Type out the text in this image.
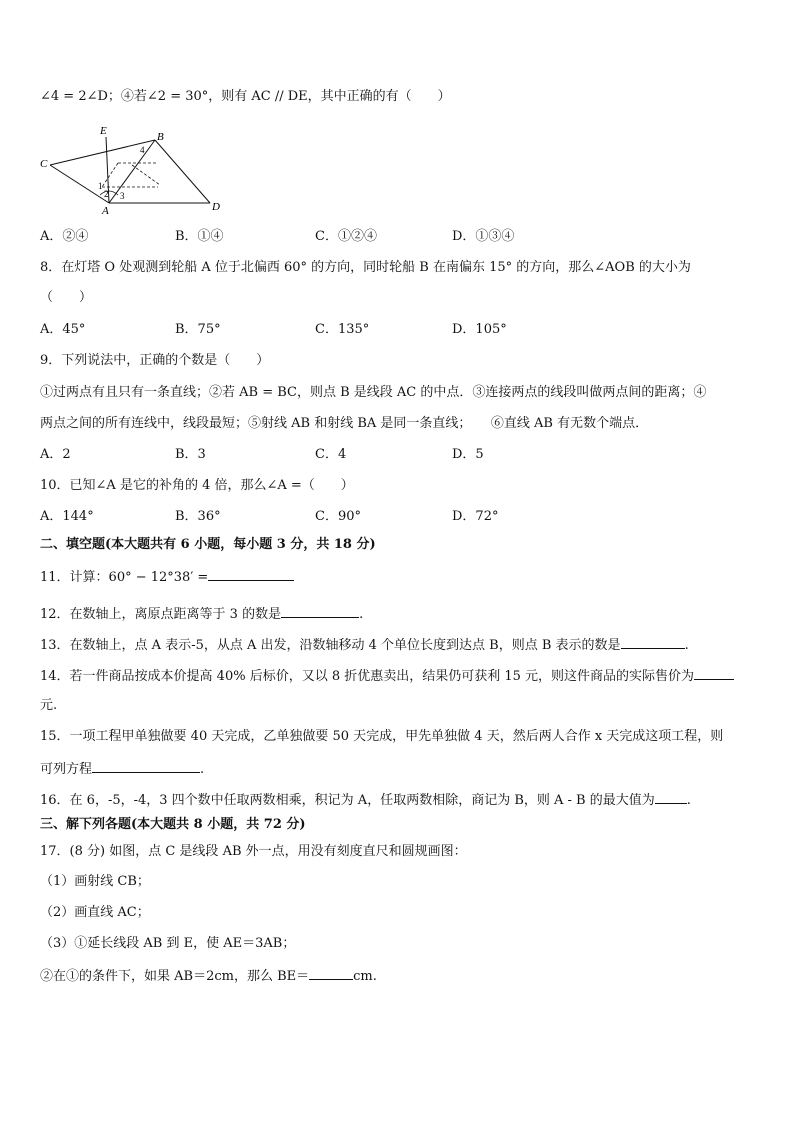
∠4 = 2∠D；④若∠2 = 30°，则有 AC // DE，其中正确的有（　　）
E	B
C
1
4
2 3
A	D
A．②④	B．①④	C．①②④	D．①③④
8．在灯塔 O 处观测到轮船 A 位于北偏西 60° 的方向，同时轮船 B 在南偏东 15° 的方向，那么∠AOB 的大小为
（　　）
A．45°	B．75°	C．135°	D．105°
9．下列说法中，正确的个数是（　　）
①过两点有且只有一条直线；②若 AB = BC，则点 B 是线段 AC 的中点．③连接两点的线段叫做两点间的距离；④
两点之间的所有连线中，线段最短；⑤射线 AB 和射线 BA 是同一条直线；　　⑥直线 AB 有无数个端点．
A．2	B．3	C．4	D．5
10．已知∠A 是它的补角的 4 倍，那么∠A =（　　）
A．144°	B．36°	C．90°	D．72°
二、填空题(本大题共有 6 小题，每小题 3 分，共 18 分)
11．计算：60° − 12°38′ =
12．在数轴上，离原点距离等于 3 的数是	.
13．在数轴上，点 A 表示-5，从点 A 出发，沿数轴移动 4 个单位长度到达点 B，则点 B 表示的数是	.
14．若一件商品按成本价提高 40% 后标价，又以 8 折优惠卖出，结果仍可获利 15 元，则这件商品的实际售价为
元.
15．一项工程甲单独做要 40 天完成，乙单独做要 50 天完成，甲先单独做 4 天，然后两人合作 x 天完成这项工程，则
可列方程	.
16．在 6，-5，-4，3 四个数中任取两数相乘，积记为 A，任取两数相除，商记为 B，则 A - B 的最大值为 .
三、解下列各题(本大题共 8 小题，共 72 分)
17．(8 分) 如图，点 C 是线段 AB 外一点，用没有刻度直尺和圆规画图：
（1）画射线 CB；
（2）画直线 AC；
（3）①延长线段 AB 到 E，使 AE＝3AB；
②在①的条件下，如果 AB＝2cm，那么 BE＝	cm.
